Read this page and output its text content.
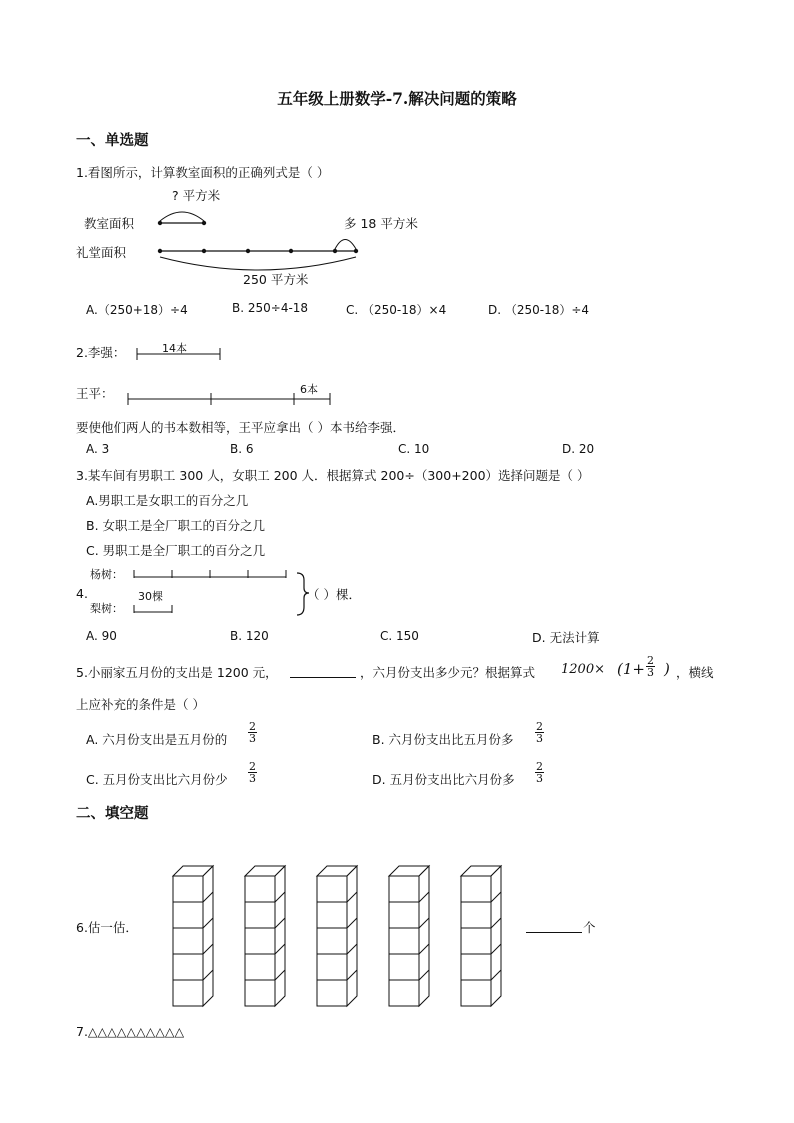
五年级上册数学-7.解决问题的策略
一、单选题
1.看图所示，计算教室面积的正确列式是（ ）
? 平方米
教室面积
礼堂面积
多 18 平方米
250 平方米
A.（250+18）÷4	B. 250÷4-18	C. （250-18）×4	D. （250-18）÷4
2.李强：	14本
王平：	6本
要使他们两人的书本数相等，王平应拿出（ ）本书给李强．
A. 3	B. 6	C. 10	D. 20
3.某车间有男职工 300 人，女职工 200 人．根据算式 200÷（300+200）选择问题是（ ）
A.男职工是女职工的百分之几
B. 女职工是全厂职工的百分之几
C. 男职工是全厂职工的百分之几
杨树：
4.
梨树：
30棵	（ ）棵．
A. 90	B. 120	C. 150	D. 无法计算
5.小丽家五月份的支出是 1200 元，	，六月份支出多少元？根据算式 $1200\times (1+ \frac{2}{3}$ ) ，横线
上应补充的条件是（ ）
A. 六月份支出是五月份的 $\frac{2}{3}$	B. 六月份支出比五月份多 $\frac{2}{3}$
C. 五月份支出比六月份少 $\frac{2}{3}$	D. 五月份支出比六月份多 $\frac{2}{3}$
二、填空题
6.估一估．	个
7.△△△△△△△△△△
